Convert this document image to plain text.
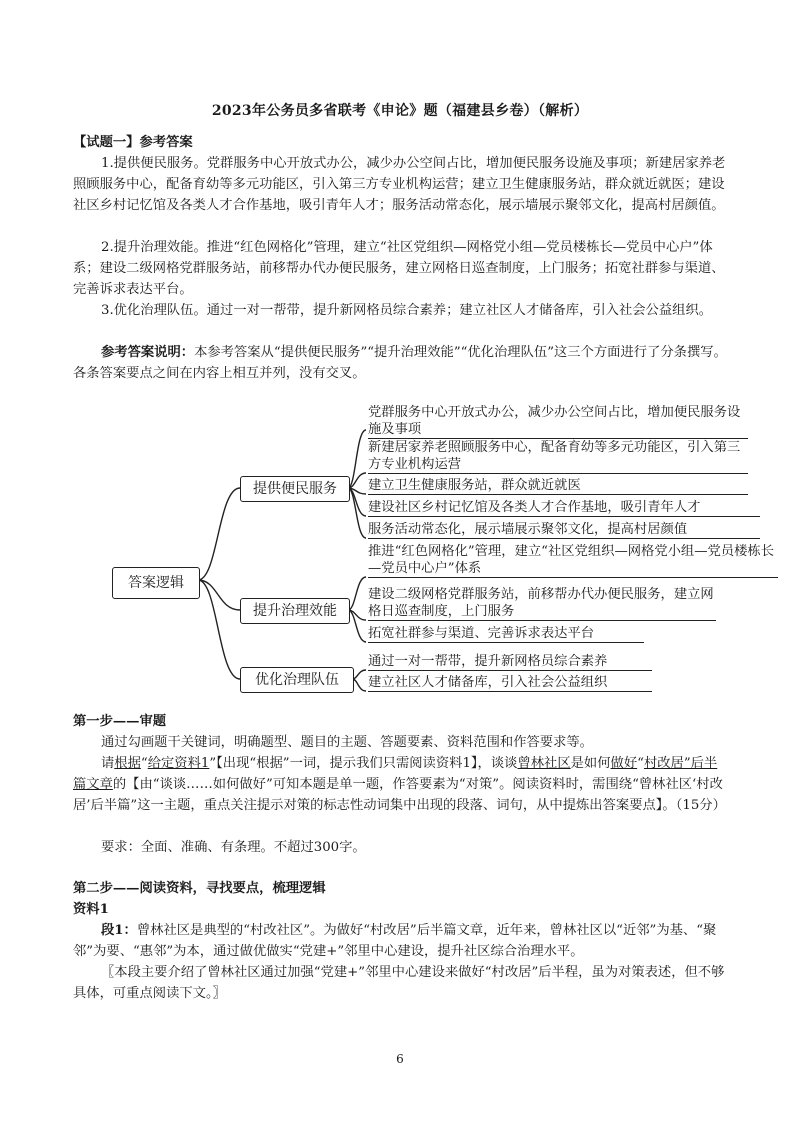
2023年公务员多省联考《申论》题（福建县乡卷）（解析）
【试题一】参考答案
1.提供便民服务。党群服务中心开放式办公，减少办公空间占比，增加便民服务设施及事项；新建居家养老照顾服务中心，配备育幼等多元功能区，引入第三方专业机构运营；建立卫生健康服务站，群众就近就医；建设社区乡村记忆馆及各类人才合作基地，吸引青年人才；服务活动常态化，展示墙展示聚邻文化，提高村居颜值。
2.提升治理效能。推进“红色网格化”管理，建立“社区党组织—网格党小组—党员楼栋长—党员中心户”体系；建设二级网格党群服务站，前移帮办代办便民服务，建立网格日巡查制度，上门服务；拓宽社群参与渠道、完善诉求表达平台。
3.优化治理队伍。通过一对一帮带，提升新网格员综合素养；建立社区人才储备库，引入社会公益组织。
参考答案说明：本参考答案从“提供便民服务”“提升治理效能”“优化治理队伍”这三个方面进行了分条撰写。各条答案要点之间在内容上相互并列，没有交叉。
答案逻辑
提供便民服务
提升治理效能
优化治理队伍
党群服务中心开放式办公，减少办公空间占比，增加便民服务设施及事项
新建居家养老照顾服务中心，配备育幼等多元功能区，引入第三方专业机构运营
建立卫生健康服务站，群众就近就医
建设社区乡村记忆馆及各类人才合作基地，吸引青年人才
服务活动常态化，展示墙展示聚邻文化，提高村居颜值
推进“红色网格化”管理，建立“社区党组织—网格党小组—党员楼栋长—党员中心户”体系
建设二级网格党群服务站，前移帮办代办便民服务，建立网格日巡查制度，上门服务
拓宽社群参与渠道、完善诉求表达平台
通过一对一帮带，提升新网格员综合素养
建立社区人才储备库，引入社会公益组织
第一步——审题
通过勾画题干关键词，明确题型、题目的主题、答题要素、资料范围和作答要求等。
请根据“给定资料1”【出现“根据”一词，提示我们只需阅读资料1】，谈谈曾林社区是如何做好“村改居”后半篇文章的【由“谈谈……如何做好”可知本题是单一题，作答要素为“对策”。阅读资料时，需围绕“曾林社区‘村改居’后半篇”这一主题，重点关注提示对策的标志性动词集中出现的段落、词句，从中提炼出答案要点】。（15分）
要求：全面、准确、有条理。不超过300字。
第二步——阅读资料，寻找要点，梳理逻辑
资料1
段1：曾林社区是典型的“村改社区”。为做好“村改居”后半篇文章，近年来，曾林社区以“近邻”为基、“聚邻”为要、“惠邻”为本，通过做优做实“党建+”邻里中心建设，提升社区综合治理水平。
〖本段主要介绍了曾林社区通过加强“党建+”邻里中心建设来做好“村改居”后半程，虽为对策表述，但不够具体，可重点阅读下文。〗
6
